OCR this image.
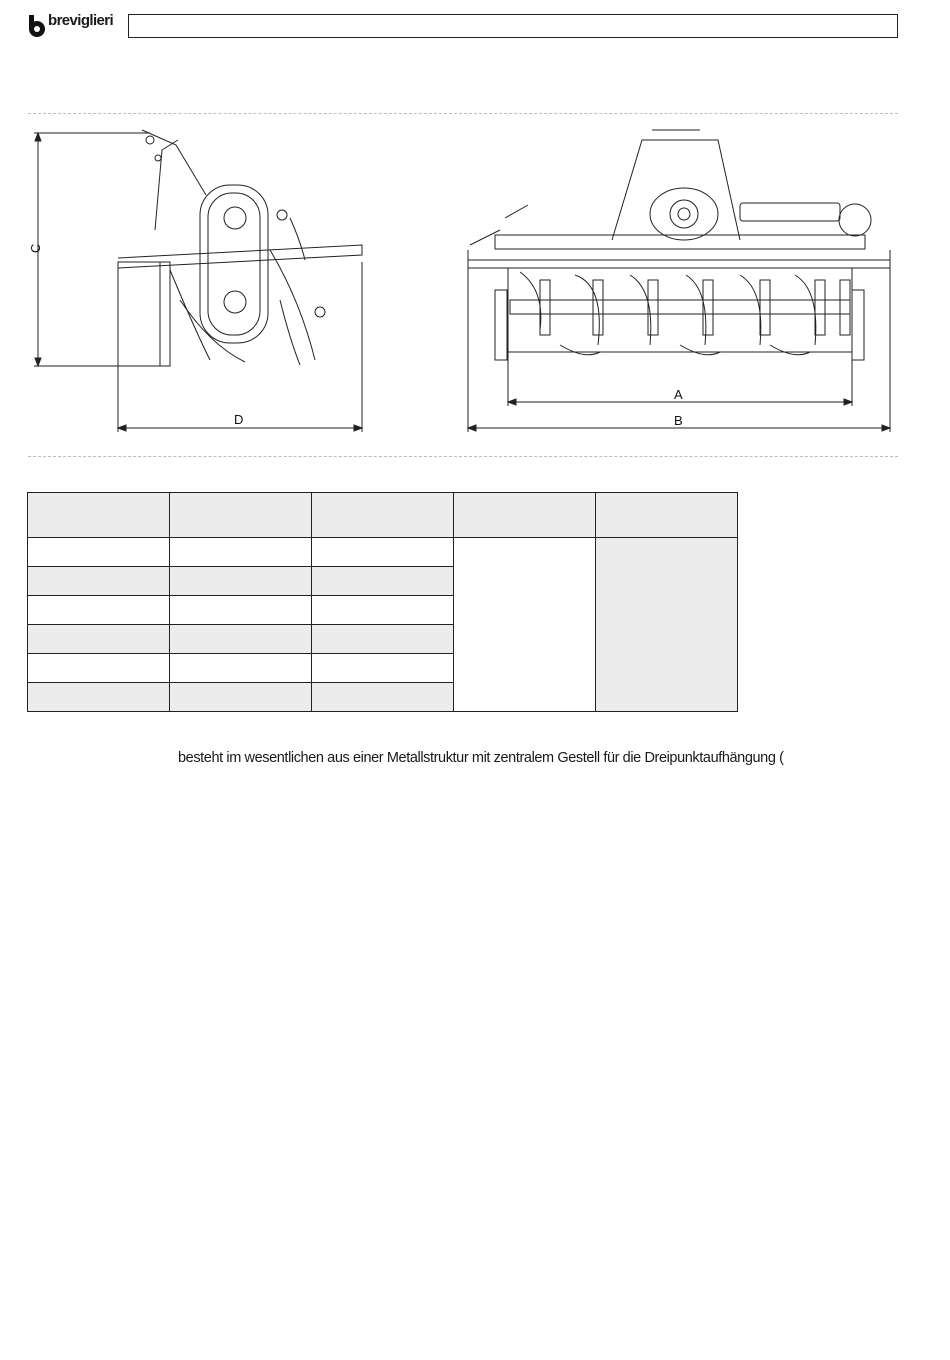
breviglieri
C
D
A
B

besteht im wesentlichen aus einer Metallstruktur mit zentralem Gestell für die Dreipunktaufhängung (
